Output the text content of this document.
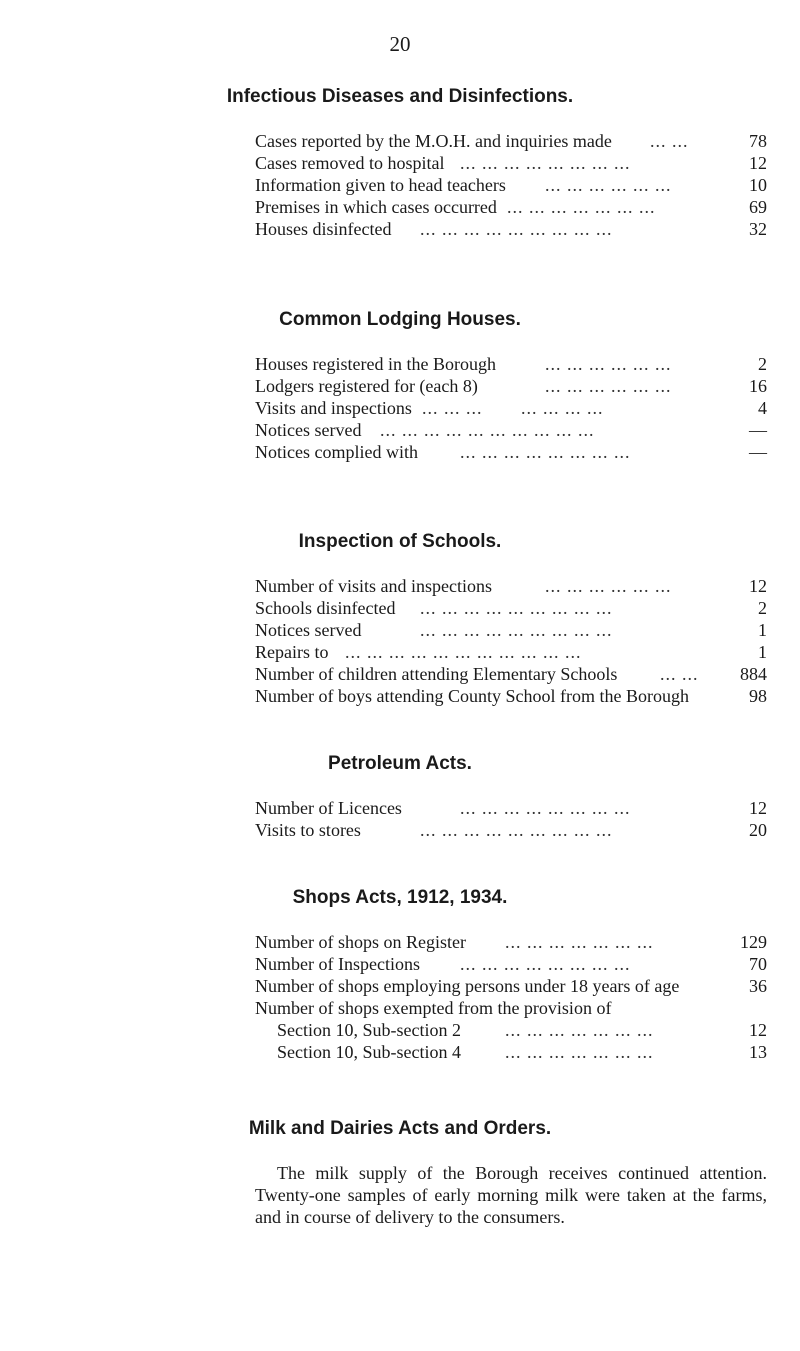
20
Infectious Diseases and Disinfections.
Cases reported by the M.O.H. and inquiries made ... ...	78
Cases removed to hospital ... ... ... ... ... ... ... ...	12
Information given to head teachers ... ... ... ... ... ...	10
Premises in which cases occurred ... ... ... ... ... ... ...	69
Houses disinfected ... ... ... ... ... ... ... ... ...	32
Common Lodging Houses.
Houses registered in the Borough	... ... ... ... ... ...	2
Lodgers registered for (each 8)	... ... ... ... ... ...	16
Visits and inspections ... ... ...       ... ... ... ...	4
Notices served ... ... ... ... ... ... ... ... ... ...	—
Notices complied with ... ... ... ... ... ... ... ...	—
Inspection of Schools.
Number of visits and inspections	... ... ... ... ... ...	12
Schools disinfected ... ... ... ... ... ... ... ... ...	2
Notices served	... ... ... ... ... ... ... ... ...	1
Repairs to ... ... ... ... ... ... ... ... ... ... ...	1
Number of children attending Elementary Schools ... ... 884
Number of boys attending County School from the Borough	98
Petroleum Acts.
Number of Licences	... ... ... ... ... ... ... ...	12
Visits to stores	... ... ... ... ... ... ... ... ...	20
Shops Acts, 1912, 1934.
Number of shops on Register ... ... ... ... ... ... ...	129
Number of Inspections ... ... ... ... ... ... ... ...	70
Number of shops employing persons under 18 years of age	36
Number of shops exempted from the provision of
Section 10, Sub-section 2 ... ... ... ... ... ... ...	12
Section 10, Sub-section 4 ... ... ... ... ... ... ...	13
Milk and Dairies Acts and Orders.
The milk supply of the Borough receives continued attention. Twenty-one samples of early morning milk were taken at the farms, and in course of delivery to the consumers.
